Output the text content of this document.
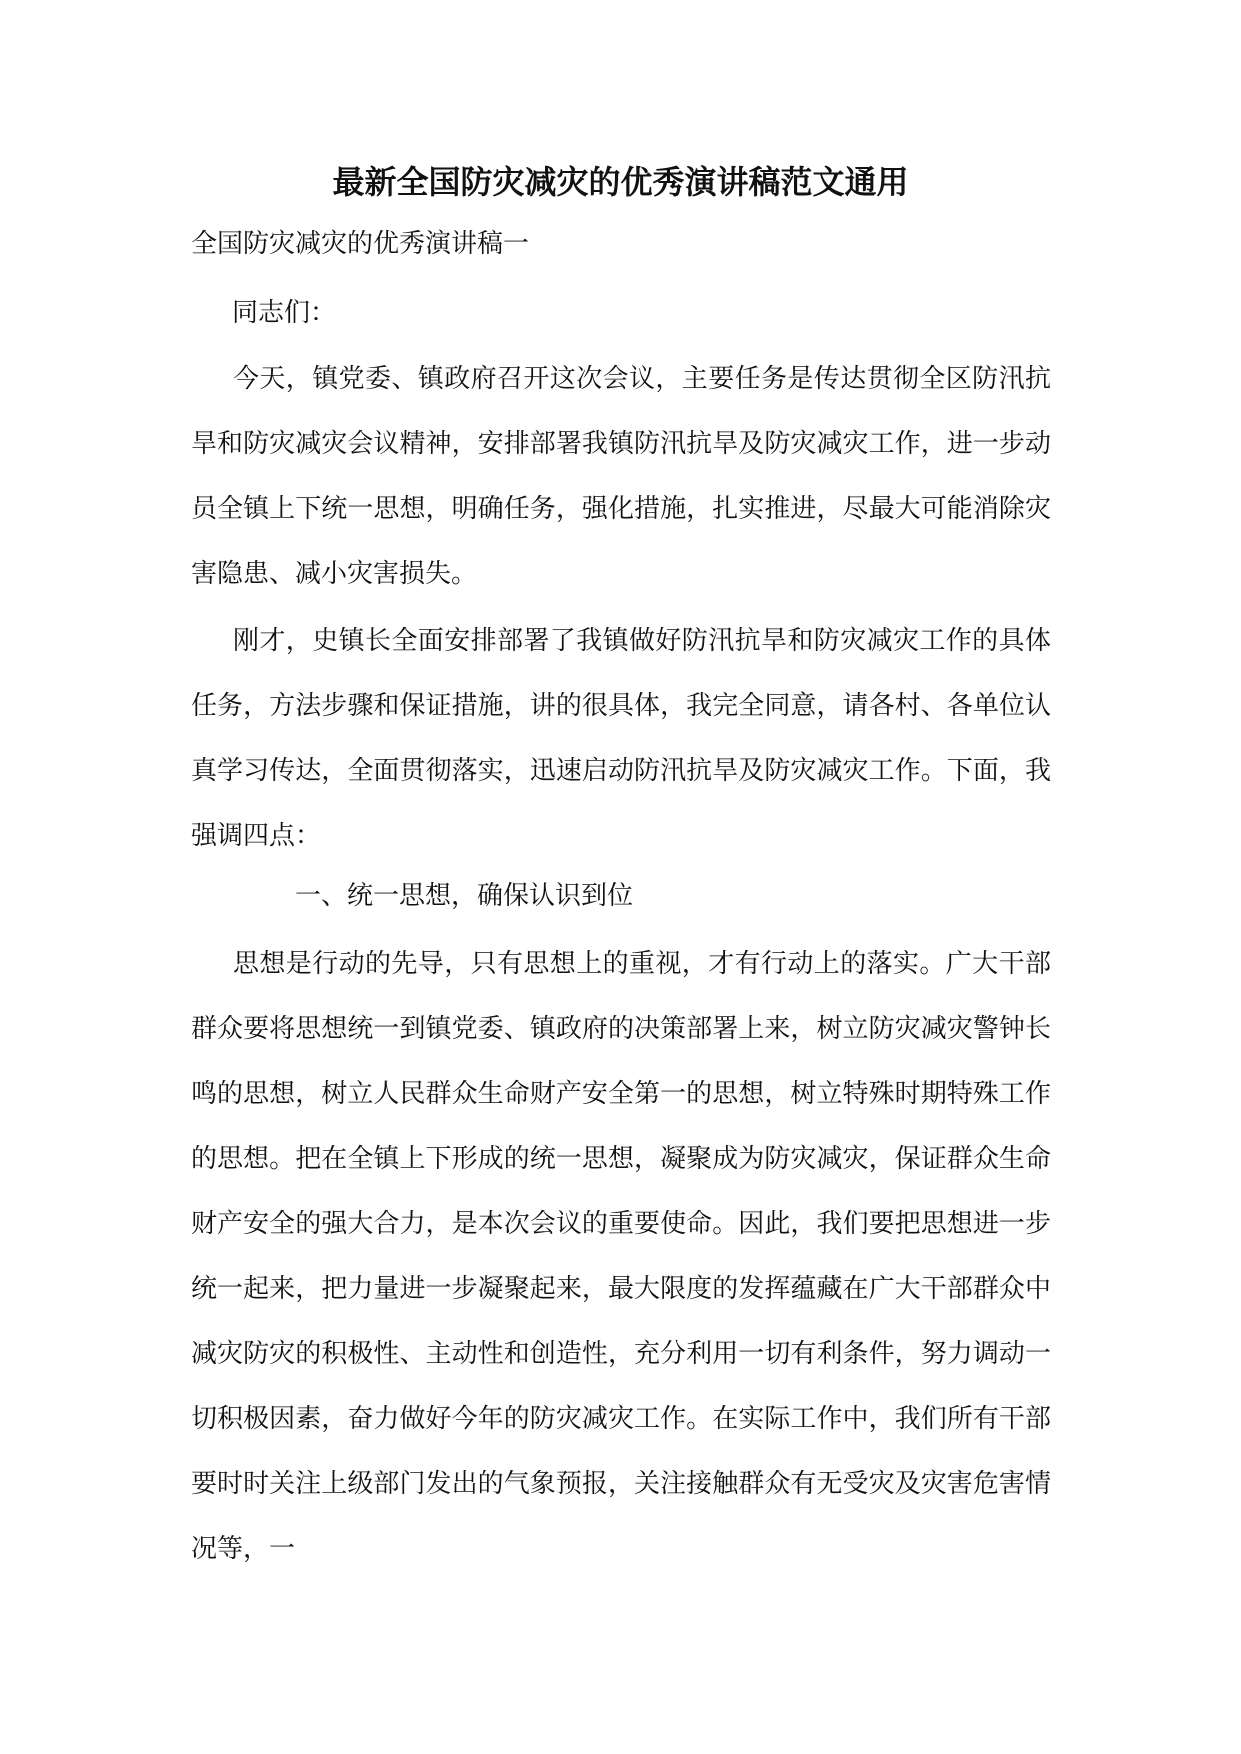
最新全国防灾减灾的优秀演讲稿范文通用
全国防灾减灾的优秀演讲稿一
同志们：

今天，镇党委、镇政府召开这次会议，主要任务是传达贯彻全区防汛抗旱和防灾减灾会议精神，安排部署我镇防汛抗旱及防灾减灾工作，进一步动员全镇上下统一思想，明确任务，强化措施，扎实推进，尽最大可能消除灾害隐患、减小灾害损失。

刚才，史镇长全面安排部署了我镇做好防汛抗旱和防灾减灾工作的具体任务，方法步骤和保证措施，讲的很具体，我完全同意，请各村、各单位认真学习传达，全面贯彻落实，迅速启动防汛抗旱及防灾减灾工作。下面，我强调四点：

一、统一思想，确保认识到位

思想是行动的先导，只有思想上的重视，才有行动上的落实。广大干部群众要将思想统一到镇党委、镇政府的决策部署上来，树立防灾减灾警钟长鸣的思想，树立人民群众生命财产安全第一的思想，树立特殊时期特殊工作的思想。把在全镇上下形成的统一思想，凝聚成为防灾减灾，保证群众生命财产安全的强大合力，是本次会议的重要使命。因此，我们要把思想进一步统一起来，把力量进一步凝聚起来，最大限度的发挥蕴藏在广大干部群众中减灾防灾的积极性、主动性和创造性，充分利用一切有利条件，努力调动一切积极因素，奋力做好今年的防灾减灾工作。在实际工作中，我们所有干部要时时关注上级部门发出的气象预报，关注接触群众有无受灾及灾害危害情况等，一
